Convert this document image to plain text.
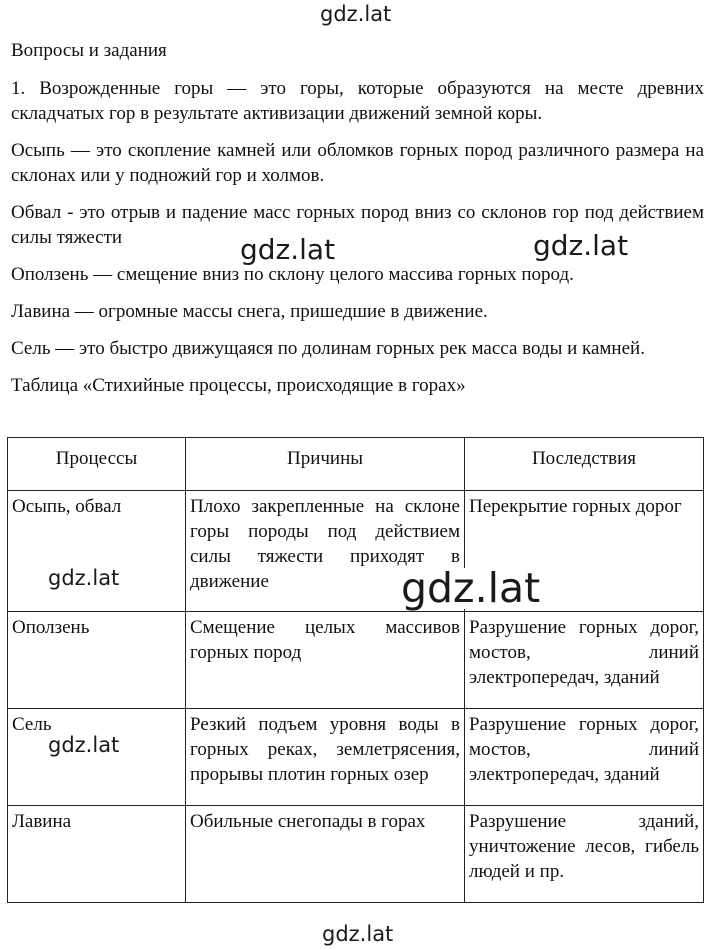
Вопросы и задания

1. Возрожденные горы — это горы, которые образуются на месте древних складчатых гор в результате активизации движений земной коры.

Осыпь — это скопление камней или обломков горных пород различного размера на склонах или у подножий гор и холмов.

Обвал - это отрыв и падение масс горных пород вниз со склонов гор под действием силы тяжести

Оползень — смещение вниз по склону целого массива горных пород.

Лавина — огромные массы снега, пришедшие в движение.

Сель — это быстро движущаяся по долинам горных рек масса воды и камней.

Таблица «Стихийные процессы, происходящие в горах»

Процессы	Причины	Последствия
Осыпь, обвал	Плохо закрепленные на склоне горы породы под действием силы тяжести приходят в движение	Перекрытие горных дорог
Оползень	Смещение целых массивов горных пород	Разрушение горных дорог, мостов, линий электропередач, зданий
Сель	Резкий подъем уровня воды в горных реках, землетрясения, прорывы плотин горных озер	Разрушение горных дорог, мостов, линий электропередач, зданий
Лавина	Обильные снегопады в горах	Разрушение зданий, уничтожение лесов, гибель людей и пр.
gdz.lat
gdz.lat	gdz.lat
gdz.lat	gdz.lat
gdz.lat
gdz.lat
